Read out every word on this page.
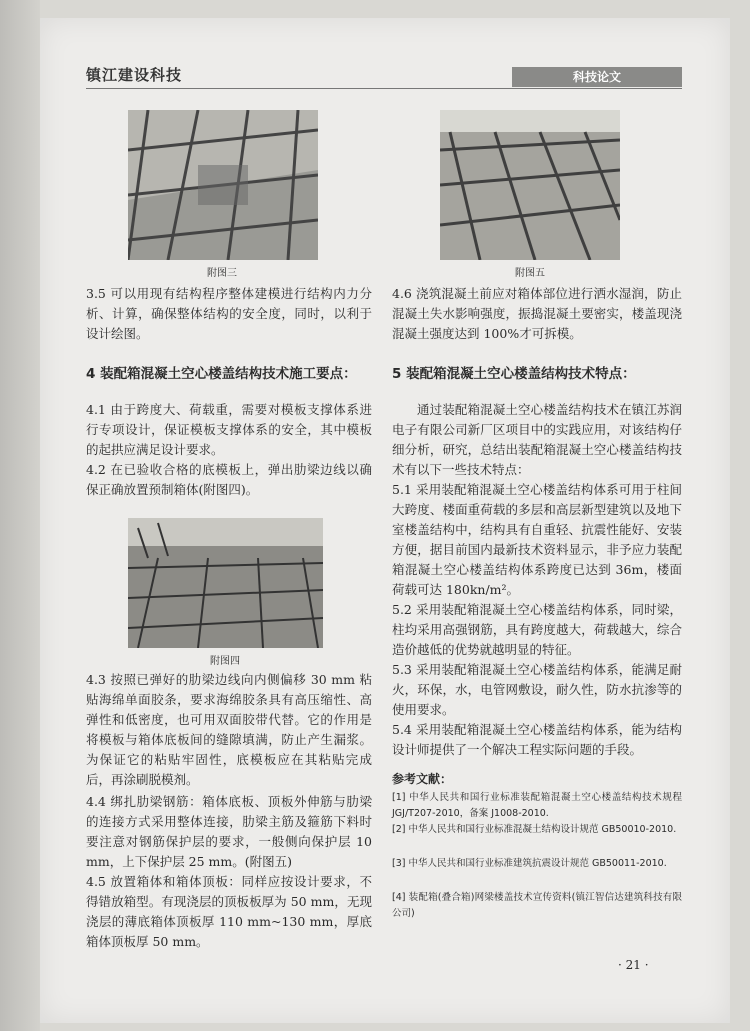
镇江建设科技	科技论文
附图三	附图五
附图四
3.5 可以用现有结构程序整体建模进行结构内力分析、计算，确保整体结构的安全度，同时，以利于设计绘图。
4 装配箱混凝土空心楼盖结构技术施工要点：
4.1 由于跨度大、荷载重，需要对模板支撑体系进行专项设计，保证模板支撑体系的安全，其中模板的起拱应满足设计要求。
4.2 在已验收合格的底模板上，弹出肋梁边线以确保正确放置预制箱体(附图四)。
4.3 按照已弹好的肋梁边线向内侧偏移 30 mm 粘贴海绵单面胶条，要求海绵胶条具有高压缩性、高弹性和低密度，也可用双面胶带代替。它的作用是将模板与箱体底板间的缝隙填满，防止产生漏浆。为保证它的粘贴牢固性，底模板应在其粘贴完成后，再涂刷脱模剂。
4.4 绑扎肋梁钢筋：箱体底板、顶板外伸筋与肋梁的连接方式采用整体连接，肋梁主筋及箍筋下料时要注意对钢筋保护层的要求，一般侧向保护层 10 mm，上下保护层 25 mm。(附图五)
4.5 放置箱体和箱体顶板：同样应按设计要求，不得错放箱型。有现浇层的顶板板厚为 50 mm，无现浇层的薄底箱体顶板厚 110 mm~130 mm，厚底箱体顶板厚 50 mm。
4.6 浇筑混凝土前应对箱体部位进行洒水湿润，防止混凝土失水影响强度，振捣混凝土要密实，楼盖现浇混凝土强度达到 100%才可拆模。
5 装配箱混凝土空心楼盖结构技术特点：
通过装配箱混凝土空心楼盖结构技术在镇江苏润电子有限公司新厂区项目中的实践应用，对该结构仔细分析，研究，总结出装配箱混凝土空心楼盖结构技术有以下一些技术特点：
5.1 采用装配箱混凝土空心楼盖结构体系可用于柱间大跨度、楼面重荷载的多层和高层新型建筑以及地下室楼盖结构中，结构具有自重轻、抗震性能好、安装方便，据目前国内最新技术资料显示，非予应力装配箱混凝土空心楼盖结构体系跨度已达到 36m，楼面荷载可达 180kn/m²。
5.2 采用装配箱混凝土空心楼盖结构体系，同时梁，柱均采用高强钢筋，具有跨度越大，荷载越大，综合造价越低的优势就越明显的特征。
5.3 采用装配箱混凝土空心楼盖结构体系，能满足耐火，环保，水，电管网敷设，耐久性，防水抗渗等的使用要求。
5.4 采用装配箱混凝土空心楼盖结构体系，能为结构设计师提供了一个解决工程实际问题的手段。
参考文献：
[1] 中华人民共和国行业标准装配箱混凝土空心楼盖结构技术规程 JGJ/T207-2010，备案 J1008-2010.
[2] 中华人民共和国行业标准混凝土结构设计规范 GB50010-2010.
[3] 中华人民共和国行业标准建筑抗震设计规范 GB50011-2010.
[4] 装配箱(叠合箱)网梁楼盖技术宣传资料(镇江智信达建筑科技有限公司)
· 21 ·
